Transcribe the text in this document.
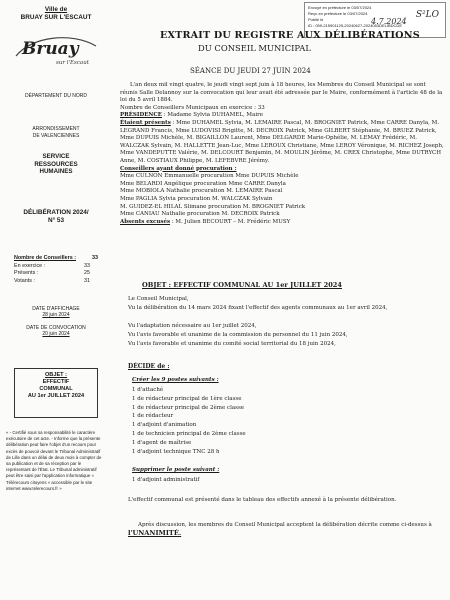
Ville de
BRUAY SUR L'ESCAUT
Bruay
sur l'Escaut
DÉPARTEMENT DU NORD
ARRONDISSEMENT
DE VALENCIENNES
SERVICE
RESSOURCES
HUMAINES
DÉLIBÉRATION 2024/
N° 53
Nombre de Conseillers :	33
En exercice :	33
Présents :	25
Votants :	31
DATE D'AFFICHAGE
28 juin 2024

DATE DE CONVOCATION
20 juin 2024
OBJET :
EFFECTIF
COMMUNAL
AU 1er JUILLET 2024
« - Certifié sous sa responsabilité le caractère exécutoire de cet acte. - Informe que la présente délibération peut faire l'objet d'un recours pour excès de pouvoir devant le Tribunal Administratif de Lille dans un délai de deux mois à compter de sa publication et de sa réception par le représentant de l'État. Le Tribunal administratif peut être saisi par l'application informatique « Télérecours citoyens » accessible par le site internet www.telerecours.fr »
Envoyé en préfecture le 03/07/2024
Reçu en préfecture le 03/07/2024
Publié le
ID : 059-215901125-20240627-2024053DELIBDCDE
S²LO
4.7.2024
EXTRAIT DU REGISTRE AUX DÉLIBÉRATIONS
DU CONSEIL MUNICIPAL
SÉANCE DU JEUDI 27 JUIN 2024

L'an deux mil vingt quatre, le jeudi vingt sept juin à 18 heures, les Membres du Conseil Municipal se sont réunis Salle Delannoy sur la convocation qui leur avait été adressée par le Maire, conformément à l'article 48 de la loi du 5 avril 1884.

Nombre de Conseillers Municipaux en exercice : 33

PRÉSIDENCE : Madame Sylvia DUHAMEL, Maire

Étaient présents : Mme DUHAMEL Sylvia, M. LEMAIRE Pascal, M. BROGNIET Patrick, Mme CARRE Danyla, M. LEGRAND Francis, Mme LUDOVISI Brigitte, M. DECROIX Patrick, Mme GILBERT Stéphanie, M. BRUEZ Patrick, Mme DUPUIS Michèle, M. BIGAILLON Laurent, Mme DELGARDE Marie-Ophélie, M. LEMAY Frédéric, M. WALCZAK Sylvain, M. HALLETTE Jean-Luc, Mme LEROUX Christiane, Mme LEROY Véronique, M. RICHEZ Joseph, Mme VANDEPUTTE Valérie, M. DELCOURT Benjamin, M. MOULIN Jérôme, M. CREX Christophe, Mme DUTRYCH Anne, M. COSTIAUX Philippe, M. LEFEBVRE Jérémy.

Conseillers ayant donné procuration :

Mme CULNON Emmanuelle procuration Mme DUPUIS Michèle

Mme BELARDI Angélique procuration Mme CARRE Danyla

Mme MOBIOLA Nathalie procuration M. LEMAIRE Pascal

Mme PAGLIA Sylvia procuration M. WALCZAK Sylvain

M. GUIDEZ-EL HILAL Slimane procuration M. BROGNIET Patrick

Mme CANIAU Nathalie procuration M. DECROIX Patrick

Absents excusés : M. Julien BECOURT – M. Frédéric MUSY

OBJET : EFFECTIF COMMUNAL AU 1er JUILLET 2024
Le Conseil Municipal,
Vu la délibération du 14 mars 2024 fixant l'effectif des agents communaux au 1er avril 2024,
Vu l'adaptation nécessaire au 1er juillet 2024,
Vu l'avis favorable et unanime de la commission du personnel du 11 juin 2024,
Vu l'avis favorable et unanime du comité social territorial du 18 juin 2024,
DÉCIDE de :
Créer les 9 postes suivants :
1 d'attaché
1 de rédacteur principal de 1ère classe
1 de rédacteur principal de 2ème classe
1 de rédacteur
1 d'adjoint d'animation
1 de technicien principal de 2ème classe
1 d'agent de maîtrise
1 d'adjoint technique TNC 28 h
Supprimer le poste suivant :
1 d'adjoint administratif
L'effectif communal est présenté dans le tableau des effectifs annexé à la présente délibération.
Après discussion, les membres du Conseil Municipal acceptent la délibération décrite comme ci-dessus à l'UNANIMITÉ.
